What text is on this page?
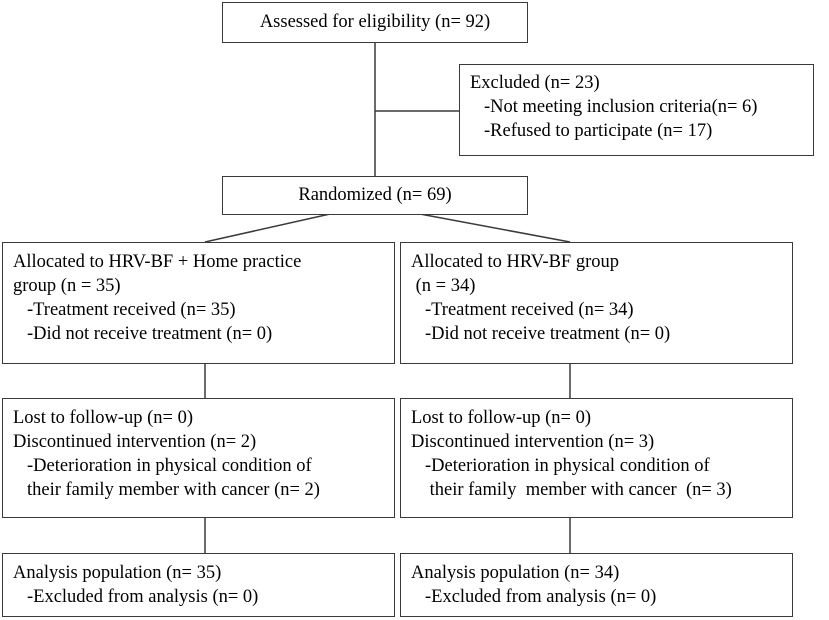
Assessed for eligibility (n= 92)
Excluded (n= 23)
-Not meeting inclusion criteria(n= 6)
-Refused to participate (n= 17)
Randomized (n= 69)
Allocated to HRV-BF + Home practice
group (n = 35)
-Treatment received (n= 35)
-Did not receive treatment (n= 0)
Allocated to HRV-BF group
(n = 34)
-Treatment received (n= 34)
-Did not receive treatment (n= 0)
Lost to follow-up (n= 0)
Discontinued intervention (n= 2)
-Deterioration in physical condition of
their family member with cancer (n= 2)
Lost to follow-up (n= 0)
Discontinued intervention (n= 3)
-Deterioration in physical condition of
their family  member with cancer  (n= 3)
Analysis population (n= 35)
-Excluded from analysis (n= 0)
Analysis population (n= 34)
-Excluded from analysis (n= 0)
